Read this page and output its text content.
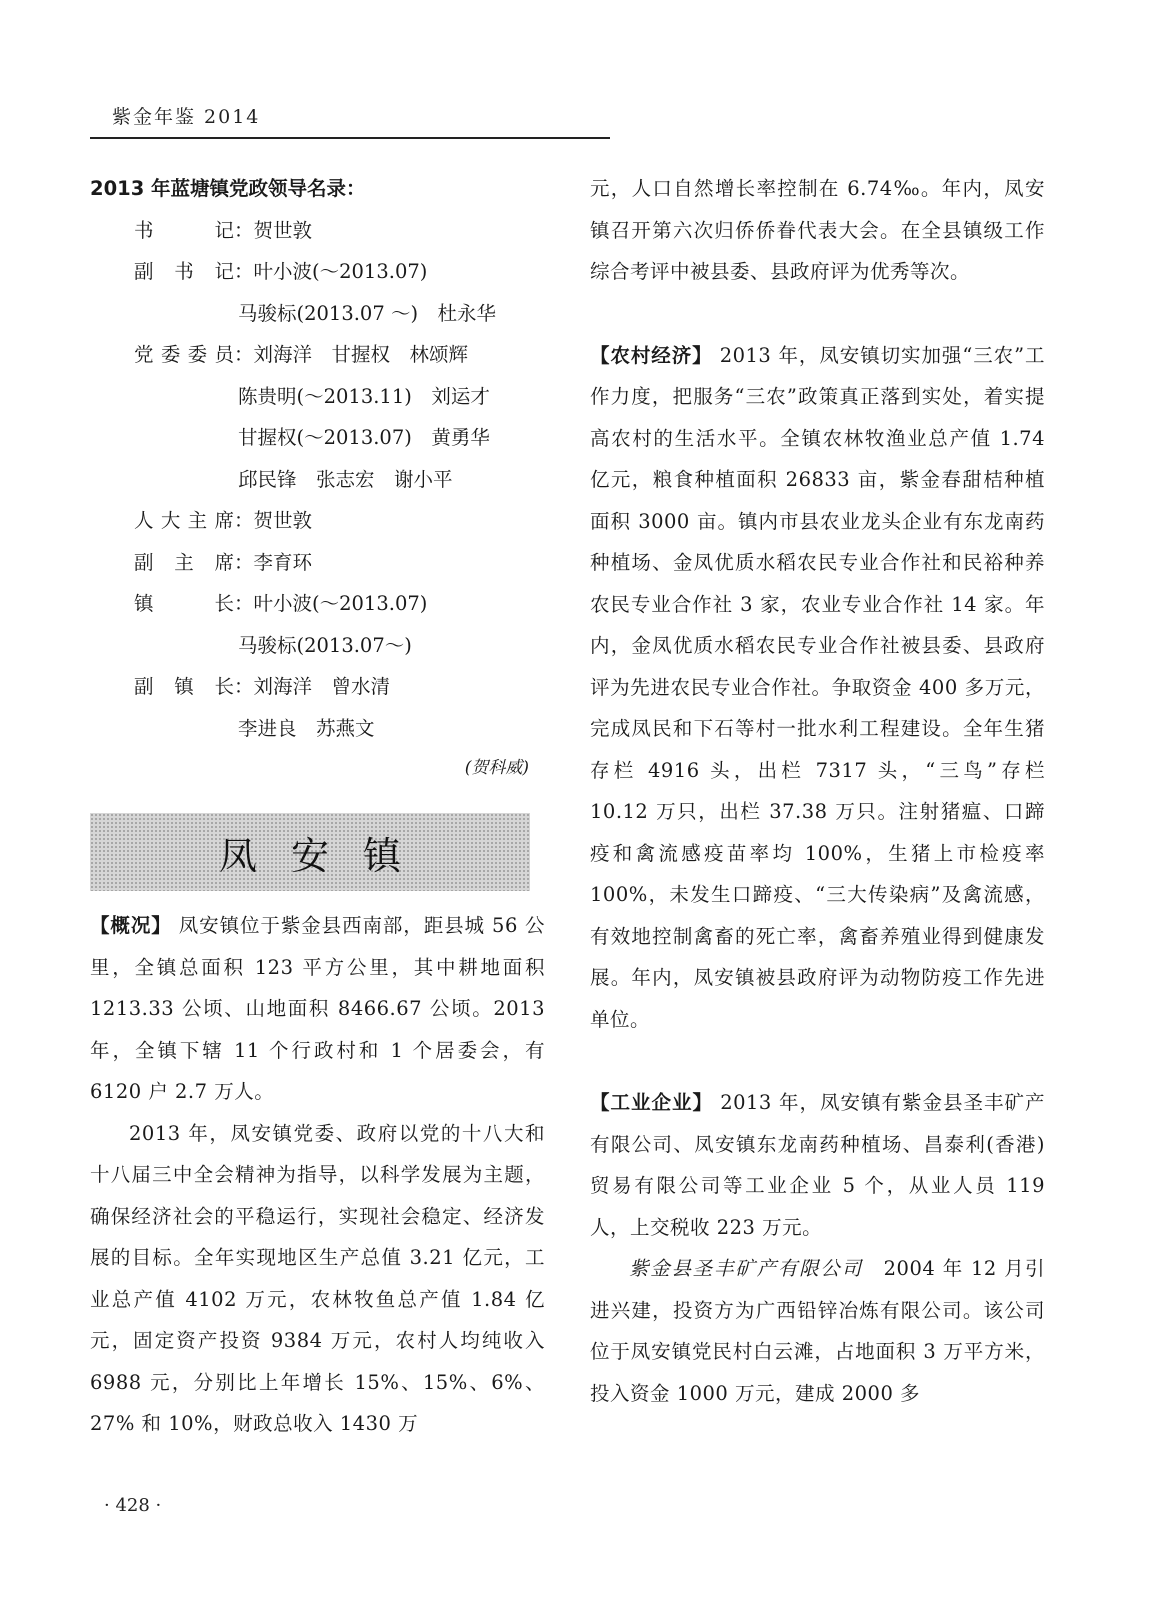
紫金年鉴 2014

2013 年蓝塘镇党政领导名录：

书	记 ： 贺世敦
副 书 记 ： 叶小波(～2013.07)
马骏标(2013.07 ～)　杜永华
党 委 委 员 ： 刘海洋　甘握权　林颂辉
陈贵明(～2013.11)　刘运才
甘握权(～2013.07)　黄勇华
邱民锋　张志宏　谢小平
人 大 主 席 ： 贺世敦
副 主 席 ： 李育环
镇	长 ： 叶小波(～2013.07)
马骏标(2013.07～)
副 镇 长 ： 刘海洋　曾水清
李进良　苏燕文
(贺科威)
凤安镇

【概况】 凤安镇位于紫金县西南部，距县城 56 公里，全镇总面积 123 平方公里，其中耕地面积 1213.33 公顷、山地面积 8466.67 公顷。2013 年，全镇下辖 11 个行政村和 1 个居委会，有 6120 户 2.7 万人。

2013 年，凤安镇党委、政府以党的十八大和十八届三中全会精神为指导，以科学发展为主题，确保经济社会的平稳运行，实现社会稳定、经济发展的目标。全年实现地区生产总值 3.21 亿元，工业总产值 4102 万元，农林牧鱼总产值 1.84 亿元，固定资产投资 9384 万元，农村人均纯收入 6988 元，分别比上年增长 15%、15%、6%、27% 和 10%，财政总收入 1430 万

元，人口自然增长率控制在 6.74‰。年内，凤安镇召开第六次归侨侨眷代表大会。在全县镇级工作综合考评中被县委、县政府评为优秀等次。

【农村经济】 2013 年，凤安镇切实加强“三农”工作力度，把服务“三农”政策真正落到实处，着实提高农村的生活水平。全镇农林牧渔业总产值 1.74 亿元，粮食种植面积 26833 亩，紫金春甜桔种植面积 3000 亩。镇内市县农业龙头企业有东龙南药种植场、金凤优质水稻农民专业合作社和民裕种养农民专业合作社 3 家，农业专业合作社 14 家。年内，金凤优质水稻农民专业合作社被县委、县政府评为先进农民专业合作社。争取资金 400 多万元，完成凤民和下石等村一批水利工程建设。全年生猪存栏 4916 头，出栏 7317 头，“三鸟”存栏 10.12 万只，出栏 37.38 万只。注射猪瘟、口蹄疫和禽流感疫苗率均 100%，生猪上市检疫率 100%，未发生口蹄疫、“三大传染病”及禽流感，有效地控制禽畜的死亡率，禽畜养殖业得到健康发展。年内，凤安镇被县政府评为动物防疫工作先进单位。

【工业企业】 2013 年，凤安镇有紫金县圣丰矿产有限公司、凤安镇东龙南药种植场、昌泰利(香港)贸易有限公司等工业企业 5 个，从业人员 119 人，上交税收 223 万元。

紫金县圣丰矿产有限公司　2004 年 12 月引进兴建，投资方为广西铅锌冶炼有限公司。该公司位于凤安镇党民村白云滩，占地面积 3 万平方米，投入资金 1000 万元，建成 2000 多

· 428 ·
